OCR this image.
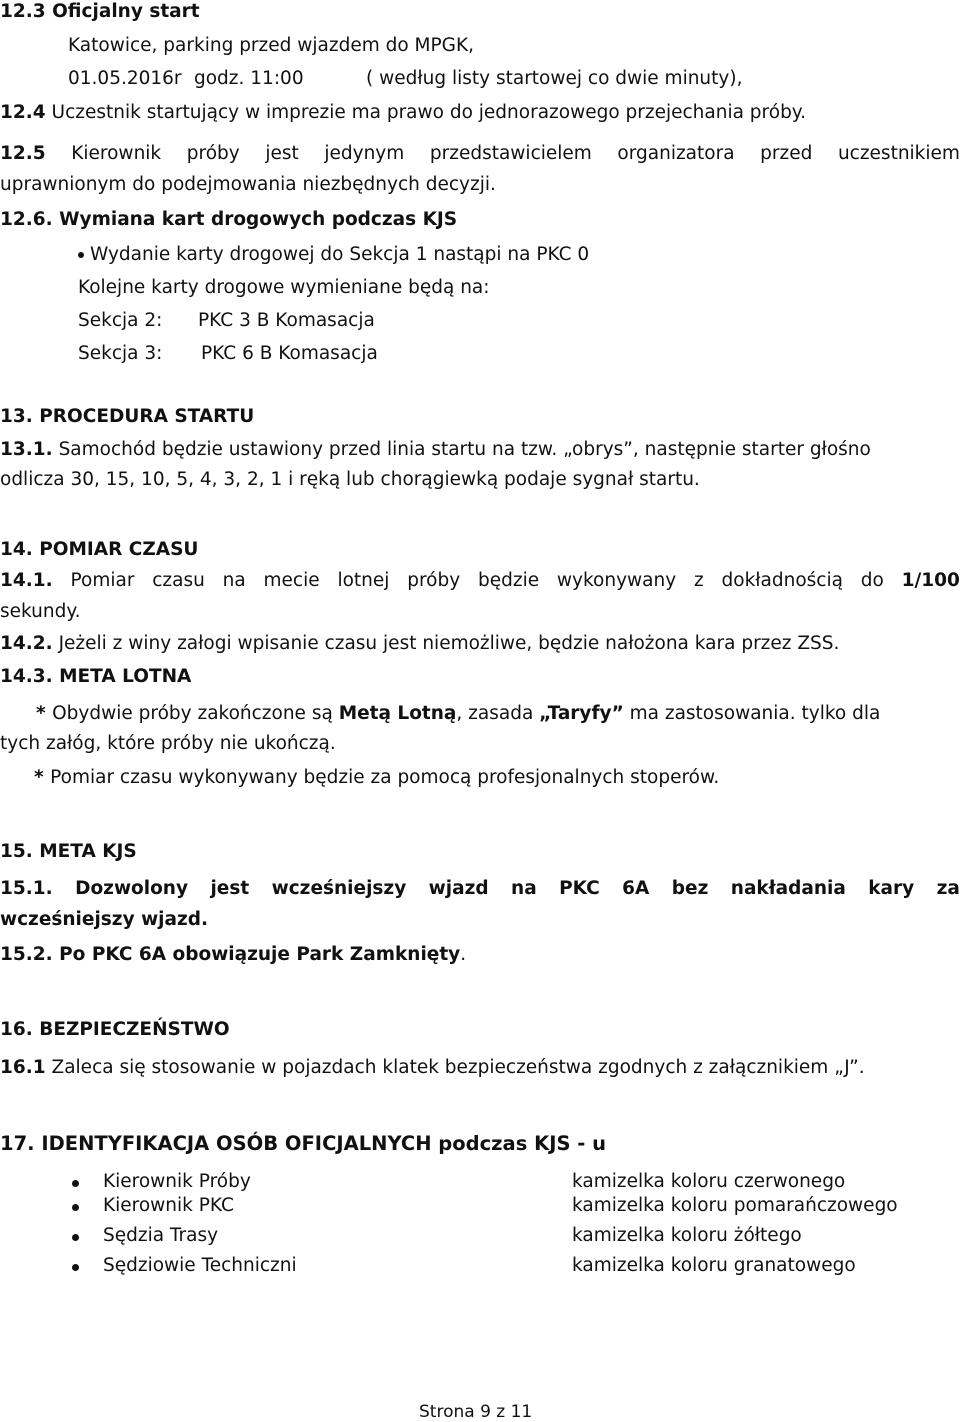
12.3 Oficjalny start
Katowice, parking przed wjazdem do MPGK,
01.05.2016r godz. 11:00	( według listy startowej co dwie minuty),
12.4 Uczestnik startujący w imprezie ma prawo do jednorazowego przejechania próby.
12.5 Kierownik próby jest jedynym przedstawicielem organizatora przed uczestnikiem
uprawnionym do podejmowania niezbędnych decyzji.
12.6. Wymiana kart drogowych podczas KJS
Wydanie karty drogowej do Sekcja 1 nastąpi na PKC 0
Kolejne karty drogowe wymieniane będą na:
Sekcja 2: PKC 3 B Komasacja
Sekcja 3: PKC 6 B Komasacja
13. PROCEDURA STARTU
13.1. Samochód będzie ustawiony przed linia startu na tzw. „obrys”, następnie starter głośno
odlicza 30, 15, 10, 5, 4, 3, 2, 1 i ręką lub chorągiewką podaje sygnał startu.
14. POMIAR CZASU
14.1. Pomiar czasu na mecie lotnej próby będzie wykonywany z dokładnością do 1/100
sekundy.
14.2. Jeżeli z winy załogi wpisanie czasu jest niemożliwe, będzie nałożona kara przez ZSS.
14.3. META LOTNA
* Obydwie próby zakończone są Metą Lotną, zasada „Taryfy” ma zastosowania. tylko dla
tych załóg, które próby nie ukończą.
* Pomiar czasu wykonywany będzie za pomocą profesjonalnych stoperów.
15. META KJS
15.1. Dozwolony jest wcześniejszy wjazd na PKC 6A bez nakładania kary za
wcześniejszy wjazd.
15.2. Po PKC 6A obowiązuje Park Zamknięty.
16. BEZPIECZEŃSTWO
16.1 Zaleca się stosowanie w pojazdach klatek bezpieczeństwa zgodnych z załącznikiem „J”.
17. IDENTYFIKACJA OSÓB OFICJALNYCH podczas KJS - u
Kierownik Próby	kamizelka koloru czerwonego
Kierownik PKC	kamizelka koloru pomarańczowego
Sędzia Trasy	kamizelka koloru żółtego
Sędziowie Techniczni	kamizelka koloru granatowego
Strona 9 z 11
